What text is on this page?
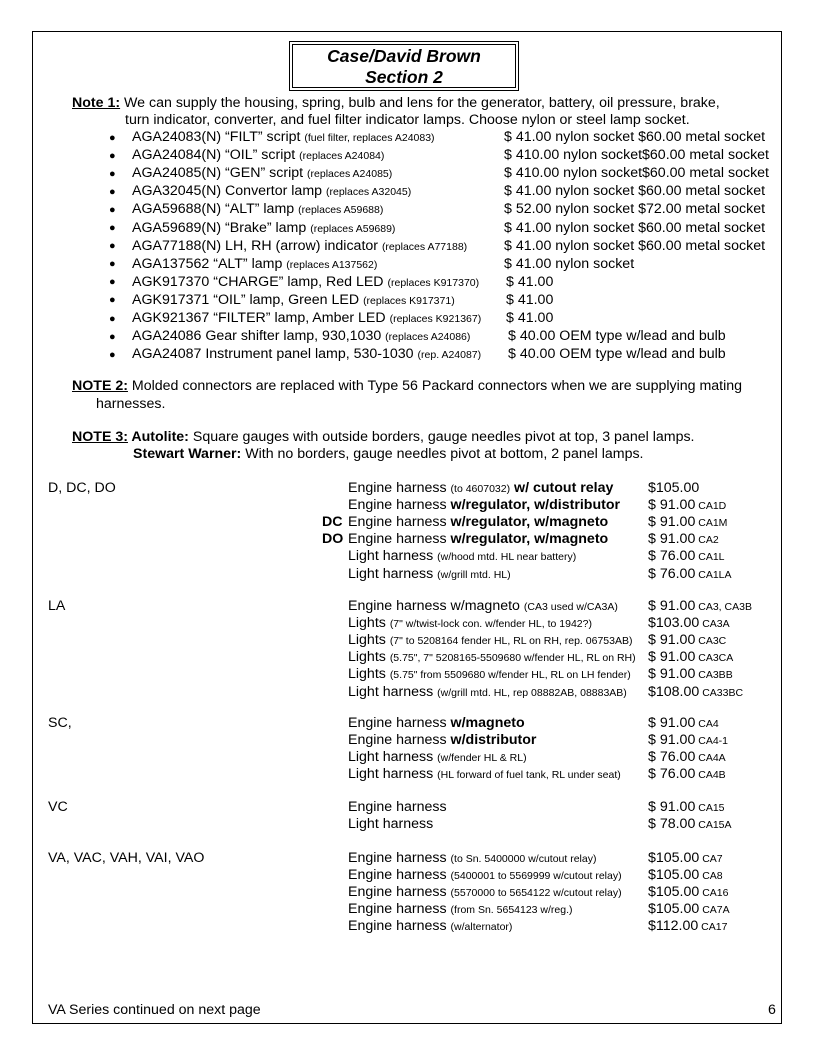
Case/David Brown
Section 2
Note 1: We can supply the housing, spring, bulb and lens for the generator, battery, oil pressure, brake,
turn indicator, converter, and fuel filter indicator lamps. Choose nylon or steel lamp socket.
● AGA24083(N) “FILT” script (fuel filter, replaces A24083)	$ 41.00 nylon socket $60.00 metal socket
● AGA24084(N) “OIL” script (replaces A24084)	$ 410.00 nylon socket$60.00 metal socket
● AGA24085(N) “GEN” script (replaces A24085)	$ 410.00 nylon socket$60.00 metal socket
● AGA32045(N) Convertor lamp (replaces A32045)	$ 41.00 nylon socket $60.00 metal socket
● AGA59688(N) “ALT” lamp (replaces A59688)	$ 52.00 nylon socket $72.00 metal socket
● AGA59689(N) “Brake” lamp (replaces A59689)	$ 41.00 nylon socket $60.00 metal socket
● AGA77188(N) LH, RH (arrow) indicator (replaces A77188)	$ 41.00 nylon socket $60.00 metal socket
● AGA137562 “ALT” lamp (replaces A137562)	$ 41.00 nylon socket
● AGK917370 “CHARGE” lamp, Red LED (replaces K917370) $ 41.00
● AGK917371 “OIL” lamp, Green LED (replaces K917371)	$ 41.00
● AGK921367 “FILTER” lamp, Amber LED (replaces K921367) $ 41.00
● AGA24086 Gear shifter lamp, 930,1030 (replaces A24086)	$ 40.00 OEM type w/lead and bulb
● AGA24087 Instrument panel lamp, 530-1030 (rep. A24087) $ 40.00 OEM type w/lead and bulb
NOTE 2: Molded connectors are replaced with Type 56 Packard connectors when we are supplying mating
harnesses.
NOTE 3: Autolite: Square gauges with outside borders, gauge needles pivot at top, 3 panel lamps.
Stewart Warner: With no borders, gauge needles pivot at bottom, 2 panel lamps.
D, DC, DO	Engine harness (to 4607032) w/ cutout relay $105.00
Engine harness w/regulator, w/distributor $ 91.00 CA1D
DC Engine harness w/regulator, w/magneto	$ 91.00 CA1M
DO Engine harness w/regulator, w/magneto	$ 91.00 CA2
Light harness (w/hood mtd. HL near battery)	$ 76.00 CA1L
Light harness (w/grill mtd. HL)	$ 76.00 CA1LA
LA	Engine harness w/magneto (CA3 used w/CA3A) $ 91.00 CA3, CA3B
Lights (7" w/twist-lock con. w/fender HL, to 1942?)	$103.00 CA3A
Lights (7" to 5208164 fender HL, RL on RH, rep. 06753AB) $ 91.00 CA3C
Lights (5.75", 7" 5208165-5509680 w/fender HL, RL on RH) $ 91.00 CA3CA
Lights (5.75" from 5509680 w/fender HL, RL on LH fender) $ 91.00 CA3BB
Light harness (w/grill mtd. HL, rep 08882AB, 08883AB) $108.00 CA33BC
SC,	Engine harness w/magneto	$ 91.00 CA4
Engine harness w/distributor	$ 91.00 CA4-1
Light harness (w/fender HL & RL)	$ 76.00 CA4A
Light harness (HL forward of fuel tank, RL under seat) $ 76.00 CA4B
VC	Engine harness	$ 91.00 CA15
Light harness	$ 78.00 CA15A
VA, VAC, VAH, VAI, VAO	Engine harness (to Sn. 5400000 w/cutout relay)	$105.00 CA7
Engine harness (5400001 to 5569999 w/cutout relay) $105.00 CA8
Engine harness (5570000 to 5654122 w/cutout relay) $105.00 CA16
Engine harness (from Sn. 5654123 w/reg.)	$105.00 CA7A
Engine harness (w/alternator)	$112.00 CA17
VA Series continued on next page	6
